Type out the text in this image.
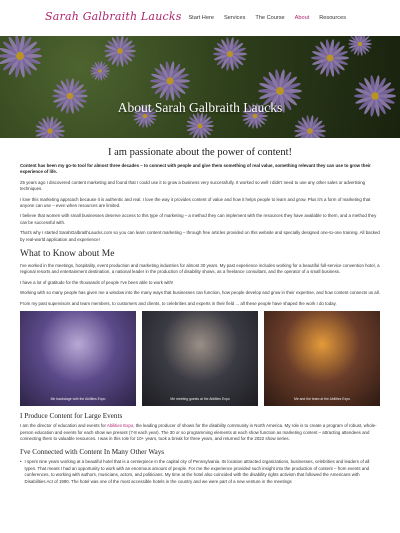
Sarah Galbraith Laucks Start Here Services The Course About Resources
About Sarah Galbraith Laucks
I am passionate about the power of content!

Content has been my go-to tool for almost three decades – to connect with people and give them something of real value, something relevant they can use to grow their experience of life.

25 years ago I discovered content marketing and found that I could use it to grow a business very successfully. It worked so well I didn't need to use any other sales or advertising techniques.

I love this marketing approach because it is authentic and real. I love the way it provides content of value and how it helps people to learn and grow. Plus it's a form of marketing that anyone can use – even when resources are limited.

I believe that women with small businesses deserve access to this type of marketing – a method they can implement with the resources they have available to them, and a method they can be successful with.

That's why I started SarahGalbraithLaucks.com so you can learn content marketing – through free articles provided on this website and specially designed one-to-one training. All backed by real-world application and experience!

What to Know about Me

I've worked in the meetings, hospitality, event production and marketing industries for almost 30 years. My past experience includes working for a beautiful full-service convention hotel, a regional resorts and entertainment destination, a national leader in the production of disability shows, as a freelance consultant, and the operator of a small business.

I have a lot of gratitude for the thousands of people I've been able to work with!

Working with so many people has given me a window into the many ways that businesses can function, how people develop and grow in their expertise, and how content connects us all.

From my past supervisors and team members, to customers and clients, to celebrities and experts in their field ... all these people have shaped the work I do today.

Me backstage with the Abilities Expo	Me meeting guests at the Abilities Expo	Me and the team at the Abilities Expo
I Produce Content for Large Events

I am the director of education and events for Abilities Expo, the leading producer of shows for the disability community in North America. My role is to create a program of robust, whole-person education and events for each show we present (7-8 each year). The 30 or so programming elements at each show function as marketing content – attracting attendees and connecting them to valuable resources. I was in this role for 10+ years, took a break for three years, and returned for the 2022 show series.

I've Connected with Content In Many Other Ways
• I spent nine years working at a beautiful hotel that is a centerpiece in the capital city of Pennsylvania. Its location attracted organizations, businesses, celebrities and leaders of all types. That meant I had an opportunity to work with an enormous amount of people. For me the experience provided such insight into the production of content – from events and conferences, to working with authors, musicians, actors, and politicians. My time at the hotel also coincided with the disability rights activism that followed the Americans with Disabilities Act of 1990. The hotel was one of the most accessible hotels in the country and we were part of a new venture in the meetings
